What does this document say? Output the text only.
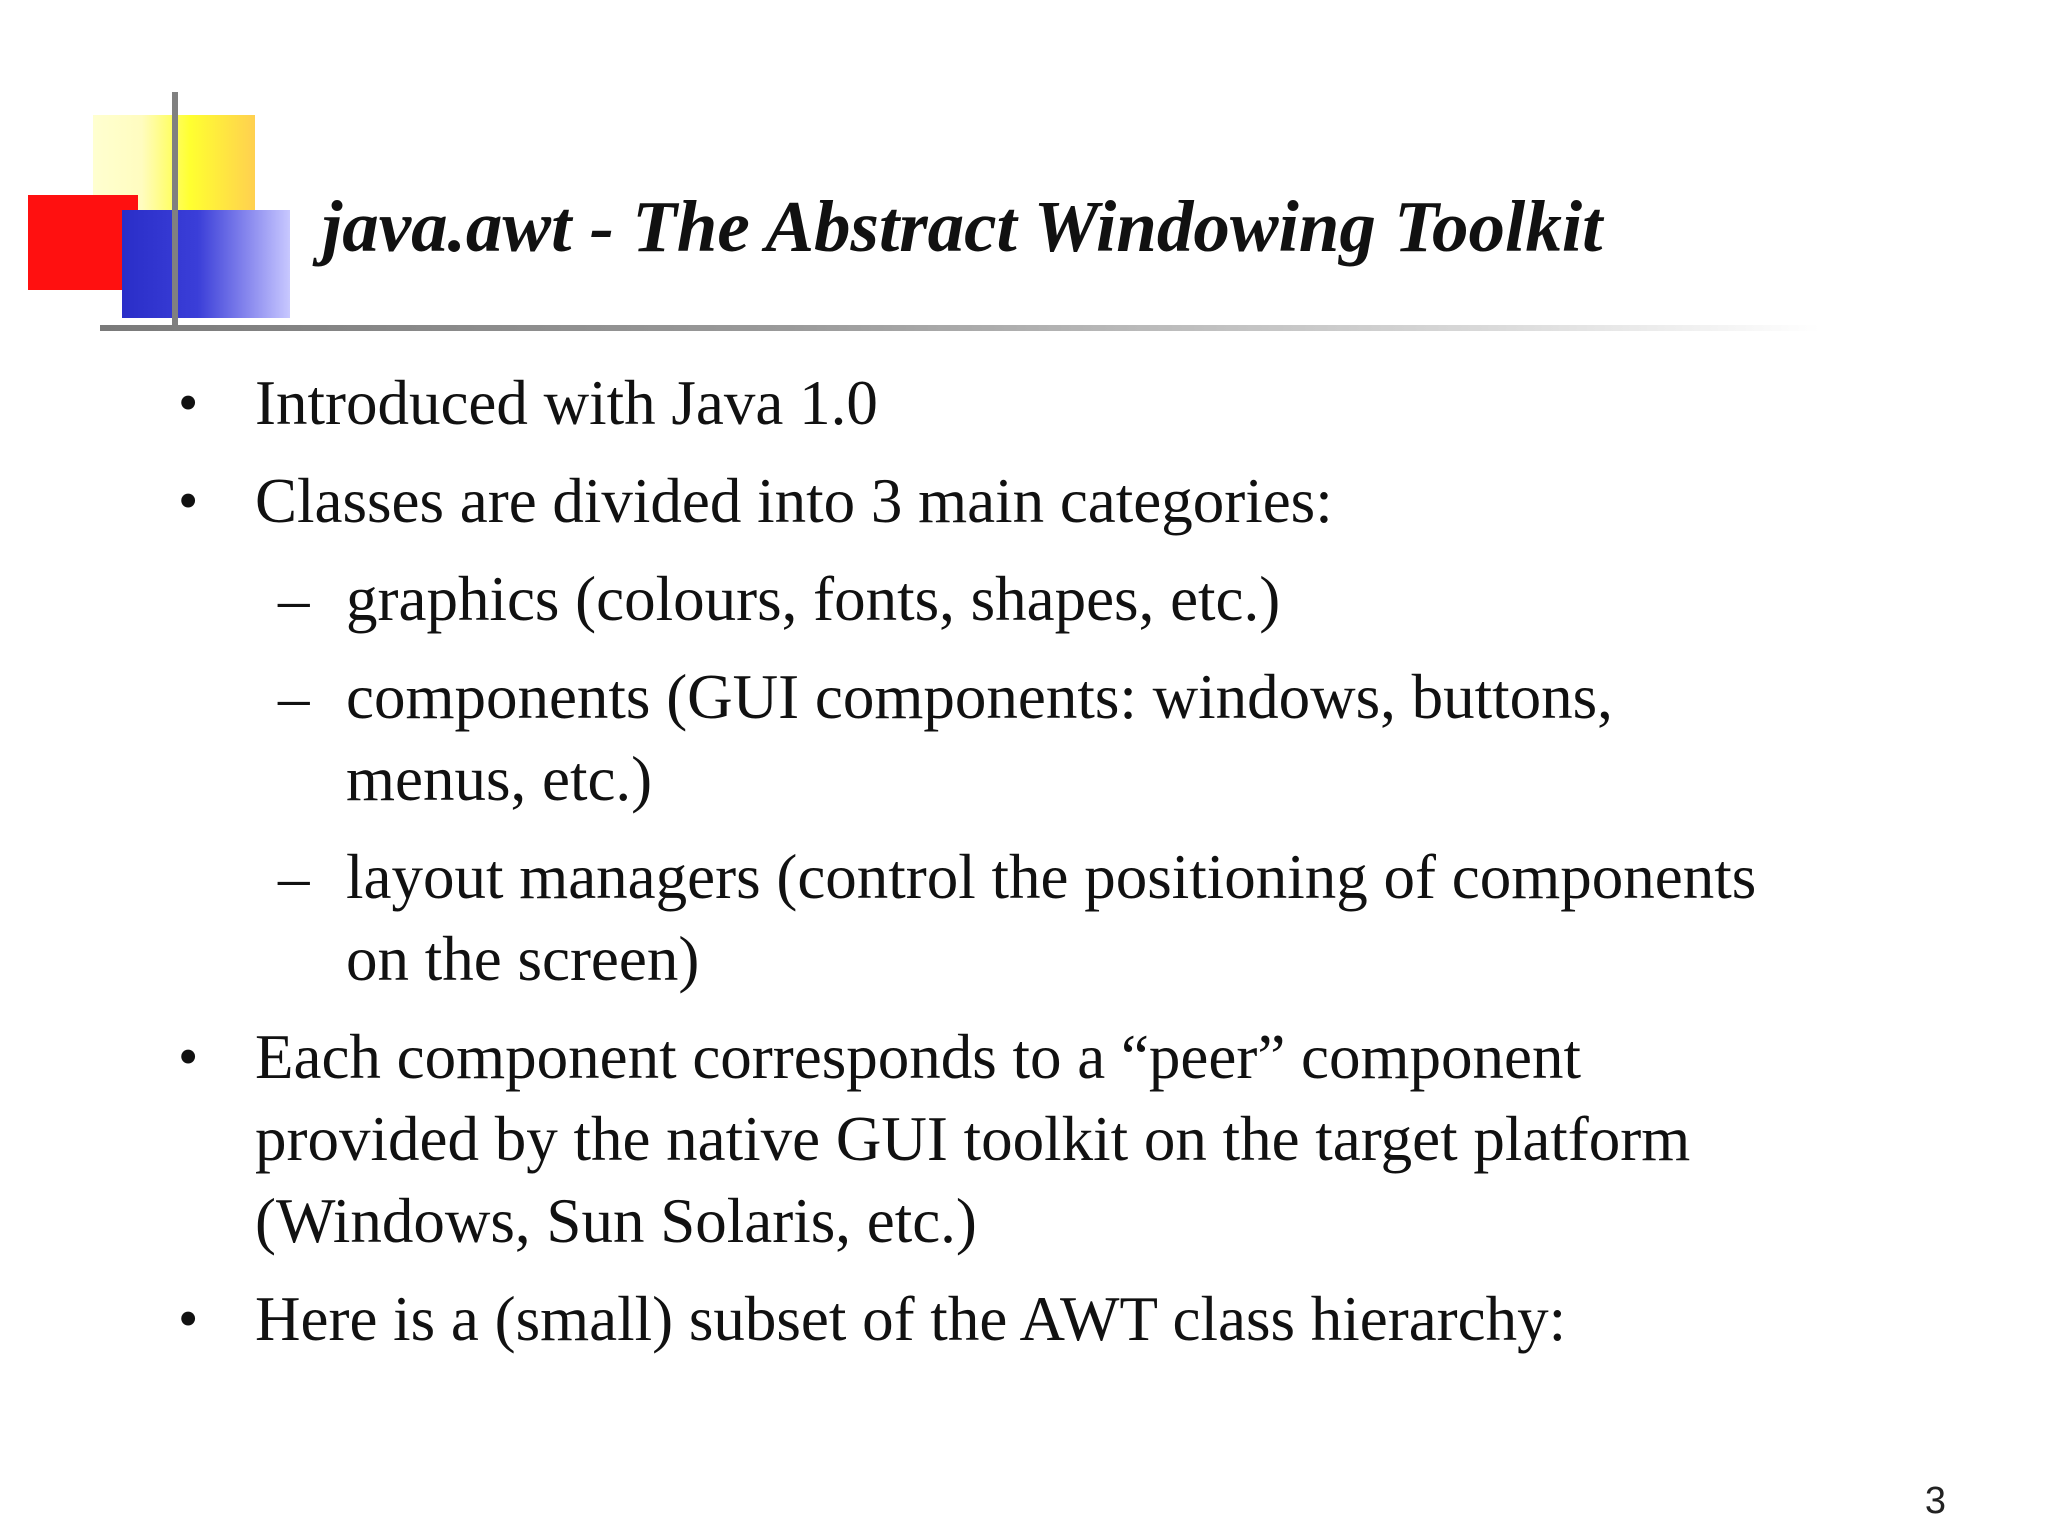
java.awt - The Abstract Windowing Toolkit
• Introduced with Java 1.0
• Classes are divided into 3 main categories:
– graphics (colours, fonts, shapes, etc.)
– components (GUI components: windows, buttons,
menus, etc.)
– layout managers (control the positioning of components
on the screen)
• Each component corresponds to a “peer” component
provided by the native GUI toolkit on the target platform
(Windows, Sun Solaris, etc.)
• Here is a (small) subset of the AWT class hierarchy:
3
